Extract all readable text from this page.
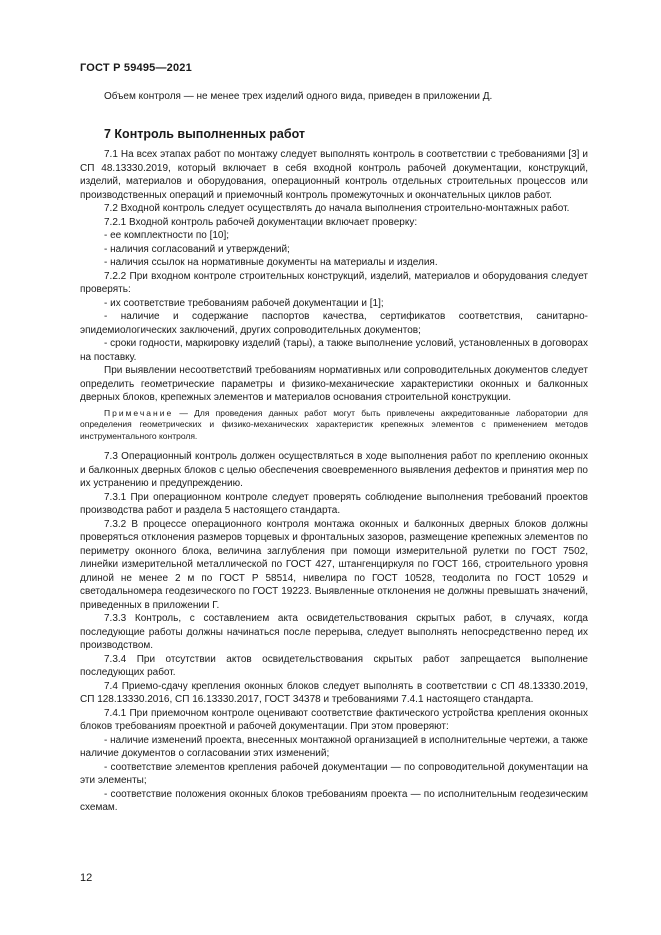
ГОСТ Р 59495—2021

Объем контроля — не менее трех изделий одного вида, приведен в приложении Д.

7 Контроль выполненных работ

7.1 На всех этапах работ по монтажу следует выполнять контроль в соответствии с требованиями [3] и СП 48.13330.2019, который включает в себя входной контроль рабочей документации, конструкций, изделий, материалов и оборудования, операционный контроль отдельных строительных процессов или производственных операций и приемочный контроль промежуточных и окончательных циклов работ.

7.2 Входной контроль следует осуществлять до начала выполнения строительно-монтажных работ.

7.2.1 Входной контроль рабочей документации включает проверку:

- ее комплектности по [10];

- наличия согласований и утверждений;

- наличия ссылок на нормативные документы на материалы и изделия.

7.2.2 При входном контроле строительных конструкций, изделий, материалов и оборудования следует проверять:

- их соответствие требованиям рабочей документации и [1];

- наличие и содержание паспортов качества, сертификатов соответствия, санитарно-эпидемиологических заключений, других сопроводительных документов;

- сроки годности, маркировку изделий (тары), а также выполнение условий, установленных в договорах на поставку.

При выявлении несоответствий требованиям нормативных или сопроводительных документов следует определить геометрические параметры и физико-механические характеристики оконных и балконных дверных блоков, крепежных элементов и материалов основания строительной конструкции.

Примечание — Для проведения данных работ могут быть привлечены аккредитованные лаборатории для определения геометрических и физико-механических характеристик крепежных элементов с применением методов инструментального контроля.

7.3 Операционный контроль должен осуществляться в ходе выполнения работ по креплению оконных и балконных дверных блоков с целью обеспечения своевременного выявления дефектов и принятия мер по их устранению и предупреждению.

7.3.1 При операционном контроле следует проверять соблюдение выполнения требований проектов производства работ и раздела 5 настоящего стандарта.

7.3.2 В процессе операционного контроля монтажа оконных и балконных дверных блоков должны проверяться отклонения размеров торцевых и фронтальных зазоров, размещение крепежных элементов по периметру оконного блока, величина заглубления при помощи измерительной рулетки по ГОСТ 7502, линейки измерительной металлической по ГОСТ 427, штангенциркуля по ГОСТ 166, строительного уровня длиной не менее 2 м по ГОСТ Р 58514, нивелира по ГОСТ 10528, теодолита по ГОСТ 10529 и светодальномера геодезического по ГОСТ 19223. Выявленные отклонения не должны превышать значений, приведенных в приложении Г.

7.3.3 Контроль, с составлением акта освидетельствования скрытых работ, в случаях, когда последующие работы должны начинаться после перерыва, следует выполнять непосредственно перед их производством.

7.3.4 При отсутствии актов освидетельствования скрытых работ запрещается выполнение последующих работ.

7.4 Приемо-сдачу крепления оконных блоков следует выполнять в соответствии с СП 48.13330.2019, СП 128.13330.2016, СП 16.13330.2017, ГОСТ 34378 и требованиями 7.4.1 настоящего стандарта.

7.4.1 При приемочном контроле оценивают соответствие фактического устройства крепления оконных блоков требованиям проектной и рабочей документации. При этом проверяют:

- наличие изменений проекта, внесенных монтажной организацией в исполнительные чертежи, а также наличие документов о согласовании этих изменений;

- соответствие элементов крепления рабочей документации — по сопроводительной документации на эти элементы;

- соответствие положения оконных блоков требованиям проекта — по исполнительным геодезическим схемам.

12
